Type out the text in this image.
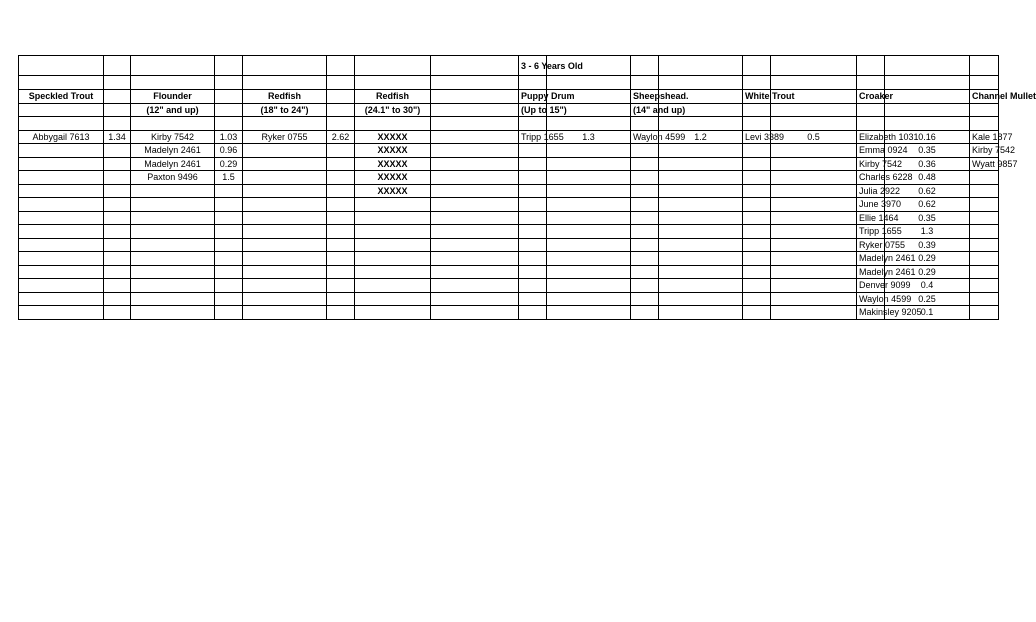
								3 - 6 Years Old									

Speckled Trout		Flounder		Redfish		Redfish		Puppy Drum		Sheepshead.		White Trout		Croaker		Channel Mullet	
		(12" and up)		(18" to 24")		(24.1" to 30")		(Up to 15")		(14" and up)							

Abbygail 7613	1.34	Kirby 7542	1.03	Ryker 0755	2.62	XXXXX		Tripp 1655	1.3	Waylon 4599	1.2	Levi 3389	0.5	Elizabeth 1031	0.16	Kale 1877	
		Madelyn 2461	0.96			XXXXX								Emma 0924	0.35	Kirby 7542	
		Madelyn 2461	0.29			XXXXX								Kirby 7542	0.36	Wyatt 9857	
		Paxton 9496	1.5			XXXXX								Charles 6228	0.48		
						XXXXX								Julia 2922	0.62		
														June 3970	0.62		
														Ellie 1464	0.35		
														Tripp 1655	1.3		
														Ryker 0755	0.39		
														Madelyn 2461	0.29		
														Madelyn 2461	0.29		
														Denver 9099	0.4		
														Waylon 4599	0.25		
														Makinsley 9205	0.1		
